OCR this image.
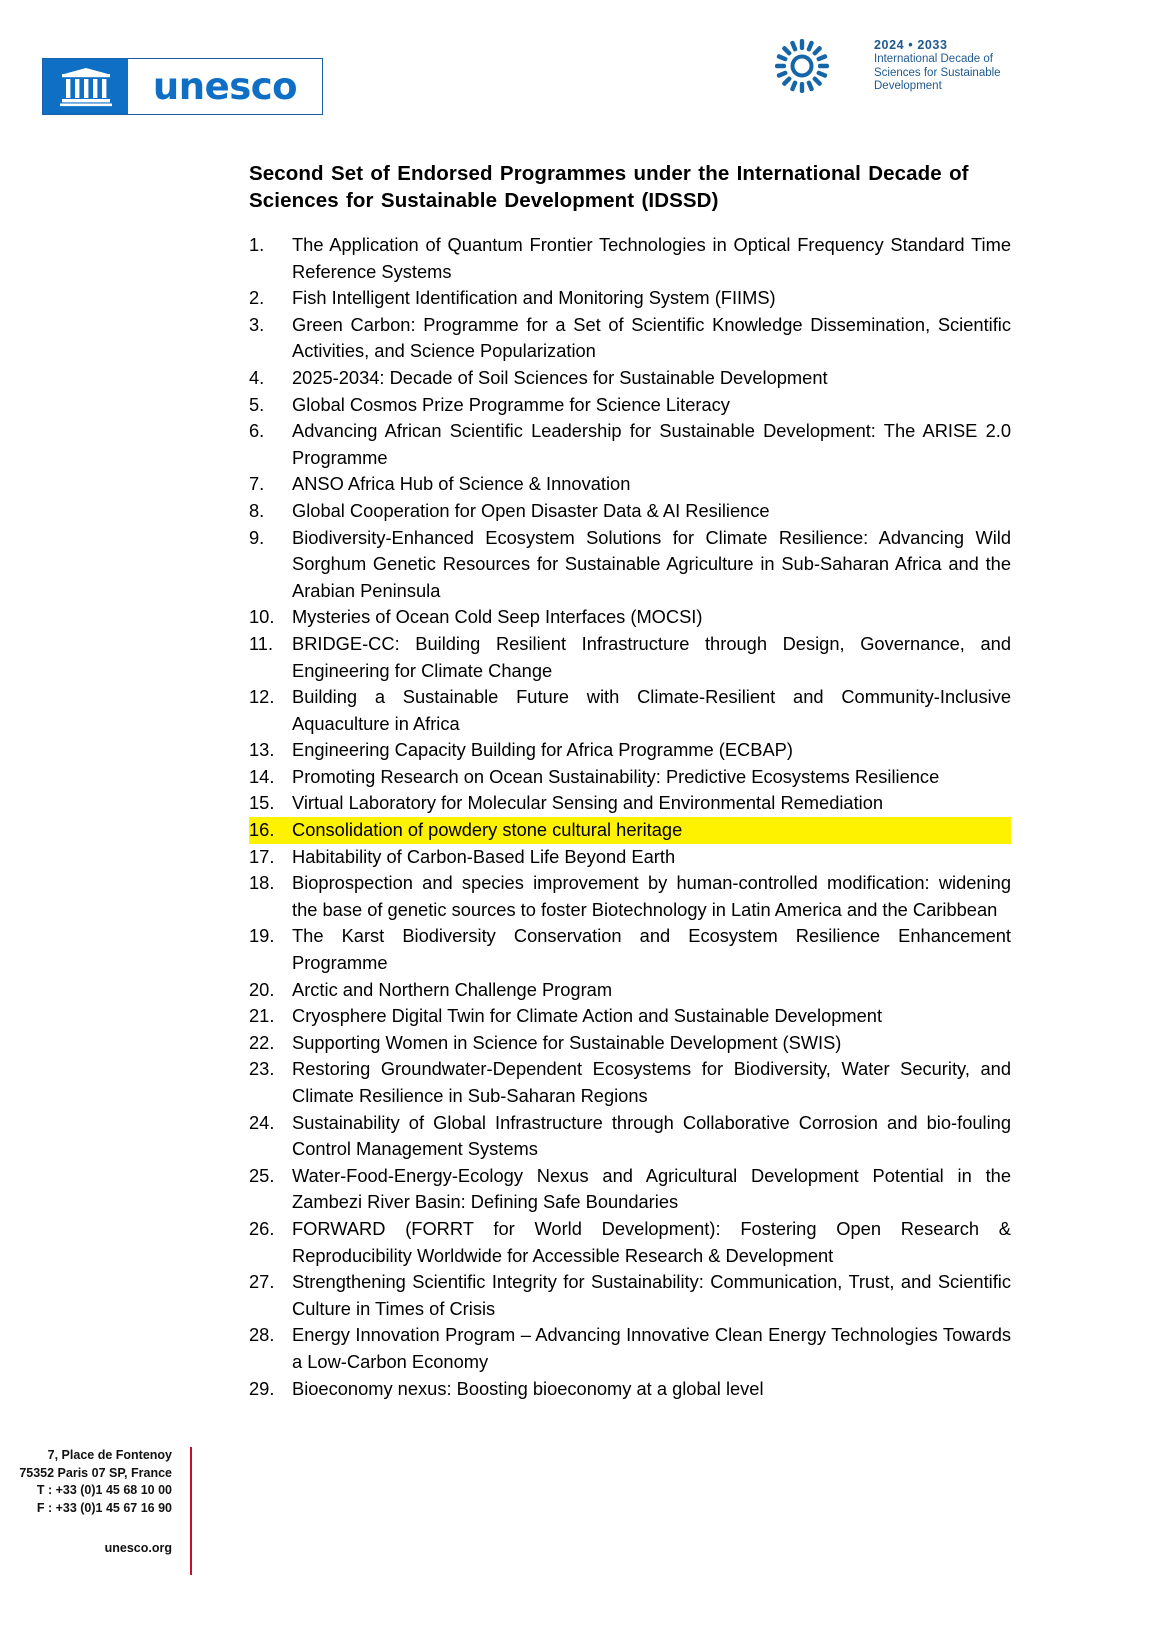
unesco
2024 • 2033
International Decade of
Sciences for Sustainable
Development
Second Set of Endorsed Programmes under the International Decade of Sciences for Sustainable Development (IDSSD)
1.	The Application of Quantum Frontier Technologies in Optical Frequency Standard Time Reference Systems
2.	Fish Intelligent Identification and Monitoring System (FIIMS)
3.	Green Carbon: Programme for a Set of Scientific Knowledge Dissemination, Scientific Activities, and Science Popularization
4.	2025-2034: Decade of Soil Sciences for Sustainable Development
5.	Global Cosmos Prize Programme for Science Literacy
6.	Advancing African Scientific Leadership for Sustainable Development: The ARISE 2.0 Programme
7.	ANSO Africa Hub of Science & Innovation
8.	Global Cooperation for Open Disaster Data & AI Resilience
9.	Biodiversity-Enhanced Ecosystem Solutions for Climate Resilience: Advancing Wild Sorghum Genetic Resources for Sustainable Agriculture in Sub-Saharan Africa and the Arabian Peninsula
10. Mysteries of Ocean Cold Seep Interfaces (MOCSI)
11.	BRIDGE-CC: Building Resilient Infrastructure through Design, Governance, and Engineering for Climate Change
12. Building a Sustainable Future with Climate-Resilient and Community-Inclusive Aquaculture in Africa
13. Engineering Capacity Building for Africa Programme (ECBAP)
14. Promoting Research on Ocean Sustainability: Predictive Ecosystems Resilience
15. Virtual Laboratory for Molecular Sensing and Environmental Remediation
16. Consolidation of powdery stone cultural heritage
17. Habitability of Carbon-Based Life Beyond Earth
18. Bioprospection and species improvement by human-controlled modification: widening the base of genetic sources to foster Biotechnology in Latin America and the Caribbean
19. The Karst Biodiversity Conservation and Ecosystem Resilience Enhancement Programme
20. Arctic and Northern Challenge Program
21. Cryosphere Digital Twin for Climate Action and Sustainable Development
22. Supporting Women in Science for Sustainable Development (SWIS)
23. Restoring Groundwater-Dependent Ecosystems for Biodiversity, Water Security, and Climate Resilience in Sub-Saharan Regions
24. Sustainability of Global Infrastructure through Collaborative Corrosion and bio-fouling Control Management Systems
25. Water-Food-Energy-Ecology Nexus and Agricultural Development Potential in the Zambezi River Basin: Defining Safe Boundaries
26. FORWARD (FORRT for World Development): Fostering Open Research & Reproducibility Worldwide for Accessible Research & Development
27. Strengthening Scientific Integrity for Sustainability: Communication, Trust, and Scientific Culture in Times of Crisis
28. Energy Innovation Program – Advancing Innovative Clean Energy Technologies Towards a Low-Carbon Economy
29. Bioeconomy nexus: Boosting bioeconomy at a global level
7, Place de Fontenoy
75352 Paris 07 SP, France
T : +33 (0)1 45 68 10 00
F : +33 (0)1 45 67 16 90
unesco.org
